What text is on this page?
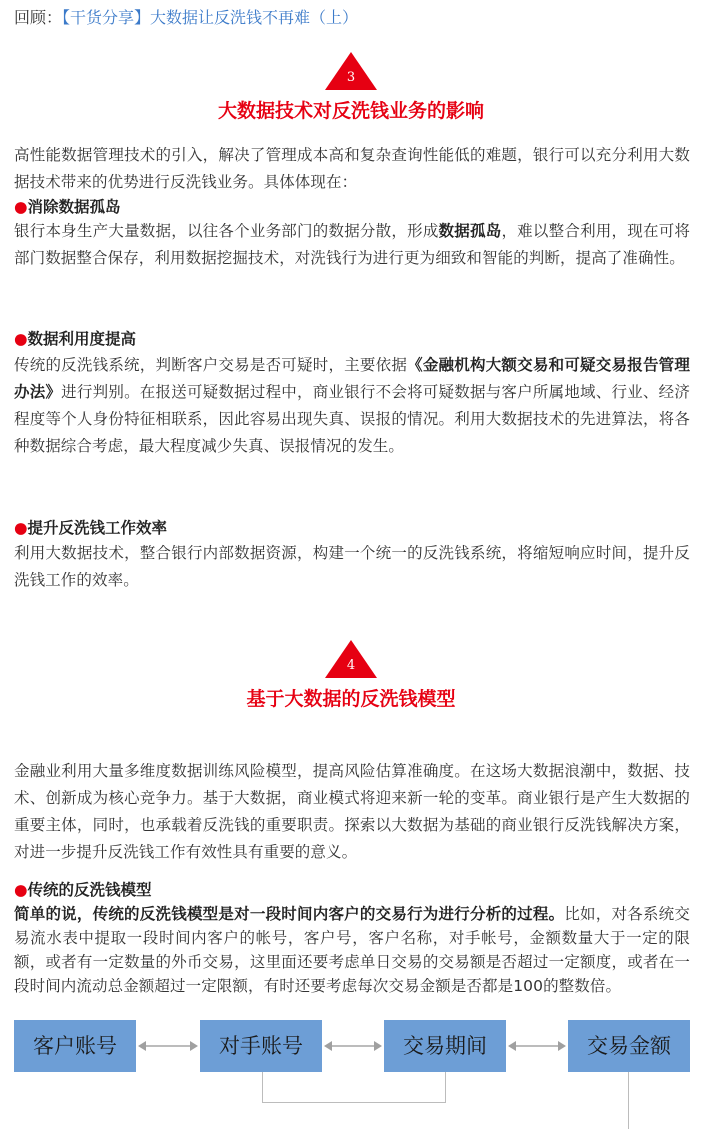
回顾：【干货分享】大数据让反洗钱不再难（上）
3
大数据技术对反洗钱业务的影响
高性能数据管理技术的引入，解决了管理成本高和复杂查询性能低的难题，银行可以充分利用大数据技术带来的优势进行反洗钱业务。具体体现在：
●消除数据孤岛
银行本身生产大量数据，以往各个业务部门的数据分散，形成数据孤岛，难以整合利用，现在可将部门数据整合保存，利用数据挖掘技术，对洗钱行为进行更为细致和智能的判断，提高了准确性。
●数据利用度提高
传统的反洗钱系统，判断客户交易是否可疑时，主要依据《金融机构大额交易和可疑交易报告管理办法》进行判别。在报送可疑数据过程中，商业银行不会将可疑数据与客户所属地域、行业、经济程度等个人身份特征相联系，因此容易出现失真、误报的情况。利用大数据技术的先进算法，将各种数据综合考虑，最大程度减少失真、误报情况的发生。
●提升反洗钱工作效率
利用大数据技术，整合银行内部数据资源，构建一个统一的反洗钱系统，将缩短响应时间，提升反洗钱工作的效率。
4
基于大数据的反洗钱模型
金融业利用大量多维度数据训练风险模型，提高风险估算准确度。在这场大数据浪潮中，数据、技术、创新成为核心竞争力。基于大数据，商业模式将迎来新一轮的变革。商业银行是产生大数据的重要主体，同时，也承载着反洗钱的重要职责。探索以大数据为基础的商业银行反洗钱解决方案，对进一步提升反洗钱工作有效性具有重要的意义。
●传统的反洗钱模型
简单的说，传统的反洗钱模型是对一段时间内客户的交易行为进行分析的过程。比如，对各系统交易流水表中提取一段时间内客户的帐号，客户号，客户名称，对手帐号，金额数量大于一定的限额，或者有一定数量的外币交易，这里面还要考虑单日交易的交易额是否超过一定额度，或者在一段时间内流动总金额超过一定限额，有时还要考虑每次交易金额是否都是100的整数倍。
客户账号	对手账号	交易期间	交易金额
